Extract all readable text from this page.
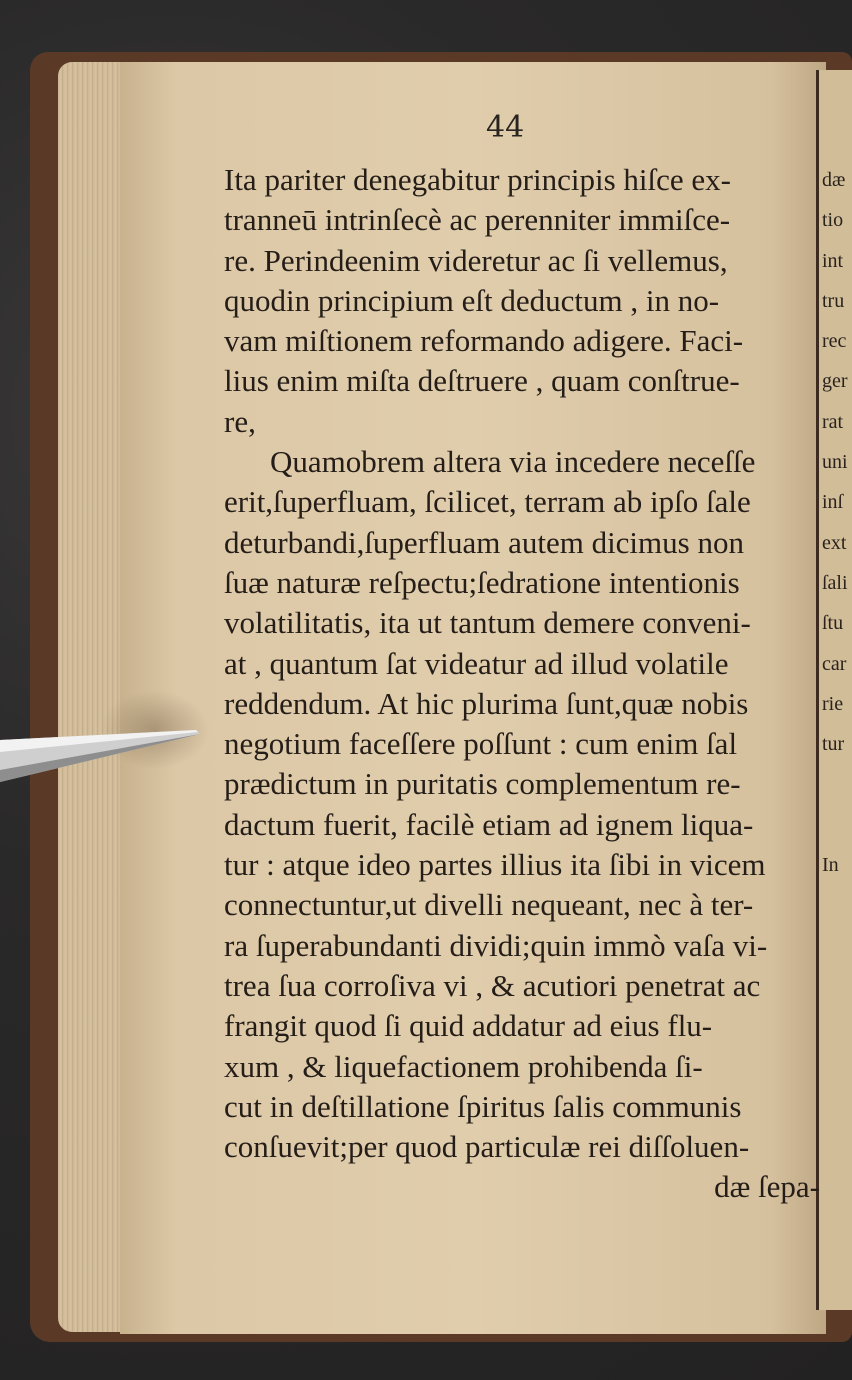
44
Ita pariter denegabitur principis hiſce ex-
tranneū intrinſecè ac perenniter immiſce-
re. Perindeenim videretur ac ſi vellemus,
quodin principium eſt deductum , in no-
vam miſtionem reformando adigere. Faci-
lius enim miſta deſtruere , quam conſtrue-
re,
Quamobrem altera via incedere neceſſe
erit,ſuperfluam, ſcilicet, terram ab ipſo ſale
deturbandi,ſuperfluam autem dicimus non
ſuæ naturæ reſpectu;ſedratione intentionis
volatilitatis, ita ut tantum demere conveni-
at , quantum ſat videatur ad illud volatile
reddendum. At hic plurima ſunt,quæ nobis
negotium faceſſere poſſunt : cum enim ſal
prædictum in puritatis complementum re-
dactum fuerit, facilè etiam ad ignem liqua-
tur : atque ideo partes illius ita ſibi in vicem
connectuntur,ut divelli nequeant, nec à ter-
ra ſuperabundanti dividi;quin immò vaſa vi-
trea ſua corroſiva vi , & acutiori penetrat ac
frangit quod ſi quid addatur ad eius flu-
xum , & liquefactionem prohibenda ſi-
cut in deſtillatione ſpiritus ſalis communis
conſuevit;per quod particulæ rei diſſoluen-
dæ ſepa-
dæ
tio
int
tru
rec
ger
rat
uni
inſ
ext
ſali
ſtu
car
rie
tur
In
